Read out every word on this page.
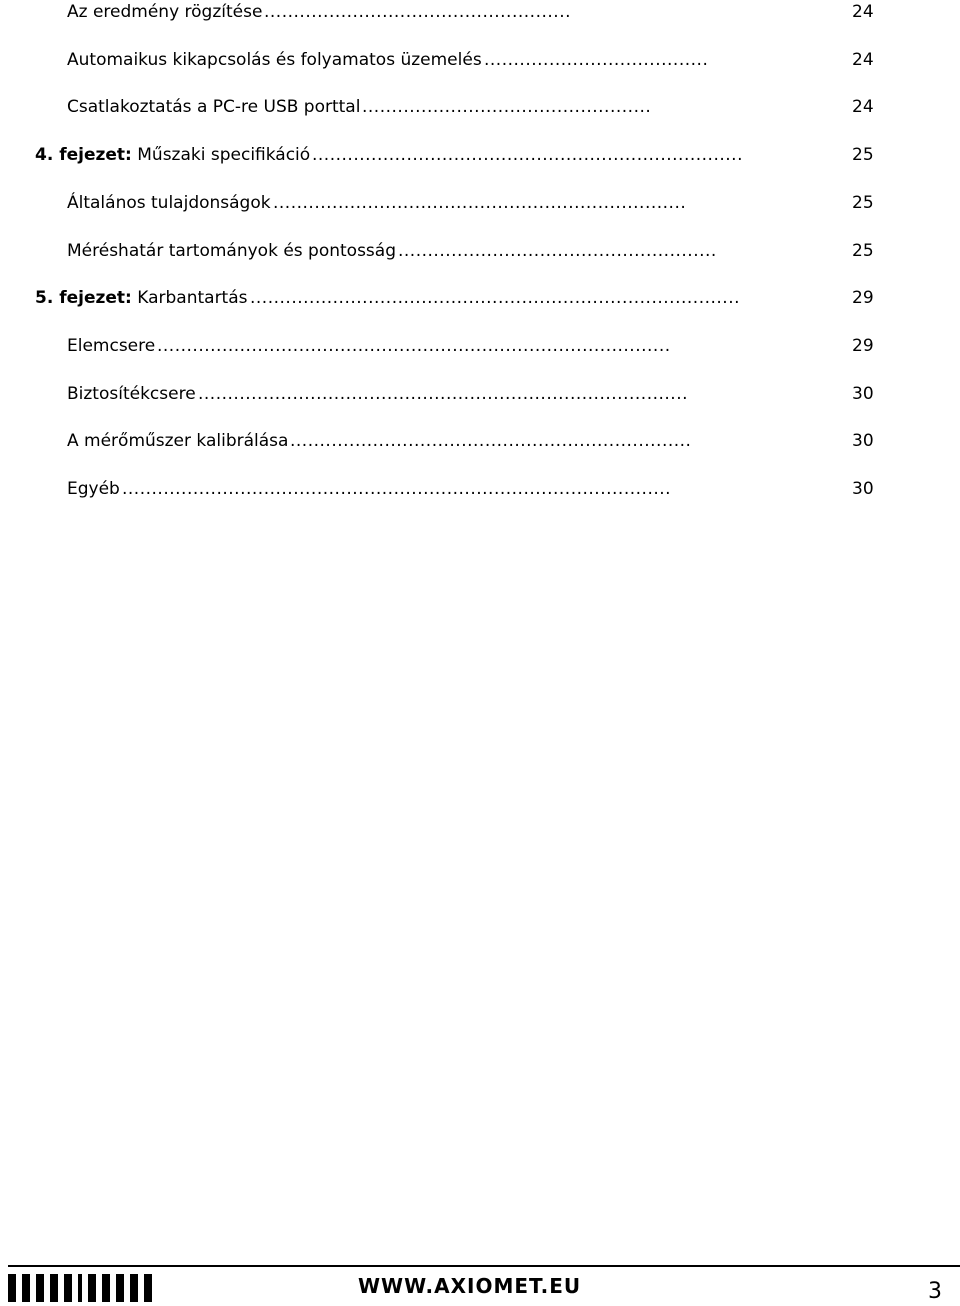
Az eredmény rögzítése ....................................................	24
Automaikus kikapcsolás és folyamatos üzemelés ......................................	24
Csatlakoztatás a PC-re USB porttal .................................................	24
4. fejezet: Műszaki specifikáció .........................................................................	25
Általános tulajdonságok ......................................................................	25
Méréshatár tartományok és pontosság ......................................................	25
5. fejezet: Karbantartás ...................................................................................	29
Elemcsere .......................................................................................	29
Biztosítékcsere ...................................................................................	30
A mérőműszer kalibrálása ....................................................................	30
Egyéb .............................................................................................	30
WWW.AXIOMET.EU	3
